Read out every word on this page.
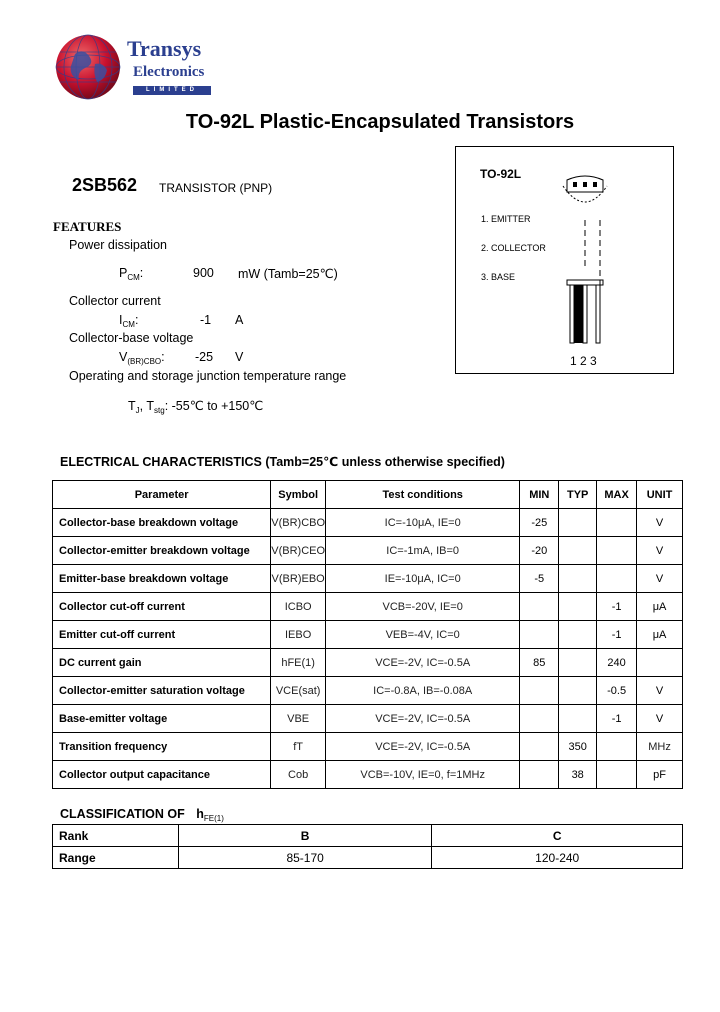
Transys
Electronics
LIMITED
TO-92L Plastic-Encapsulated Transistors
2SB562 TRANSISTOR (PNP)
FEATURES
Power dissipation
$P_{CM}$:	900 mW (Tamb=25℃)
Collector current
$I_{CM}$:	-1 A
Collector-base voltage
$V_{(BR)CBO}$: -25 V
Operating and storage junction temperature range
$T_J$, $T_{stg}$: -55℃ to +150℃
TO-92L
1. EMITTER
2. COLLECTOR
3. BASE
1 2 3
ELECTRICAL CHARACTERISTICS (Tamb=25℃ unless otherwise specified)
Parameter	Symbol	Test conditions	MIN	TYP	MAX	UNIT
Collector-base breakdown voltage	V(BR)CBO	IC=-10μA, IE=0	-25			V
Collector-emitter breakdown voltage	V(BR)CEO	IC=-1mA, IB=0	-20			V
Emitter-base breakdown voltage	V(BR)EBO	IE=-10μA, IC=0	-5			V
Collector cut-off current	ICBO	VCB=-20V, IE=0			-1	μA
Emitter cut-off current	IEBO	VEB=-4V, IC=0			-1	μA
DC current gain	hFE(1)	VCE=-2V, IC=-0.5A	85		240	
Collector-emitter saturation voltage	VCE(sat)	IC=-0.8A, IB=-0.08A			-0.5	V
Base-emitter voltage	VBE	VCE=-2V, IC=-0.5A			-1	V
Transition frequency	fT	VCE=-2V, IC=-0.5A		350		MHz
Collector output capacitance	Cob	VCB=-10V, IE=0, f=1MHz		38		pF
CLASSIFICATION OF $h_{FE(1)}$
Rank	B	C
Range	85-170	120-240
